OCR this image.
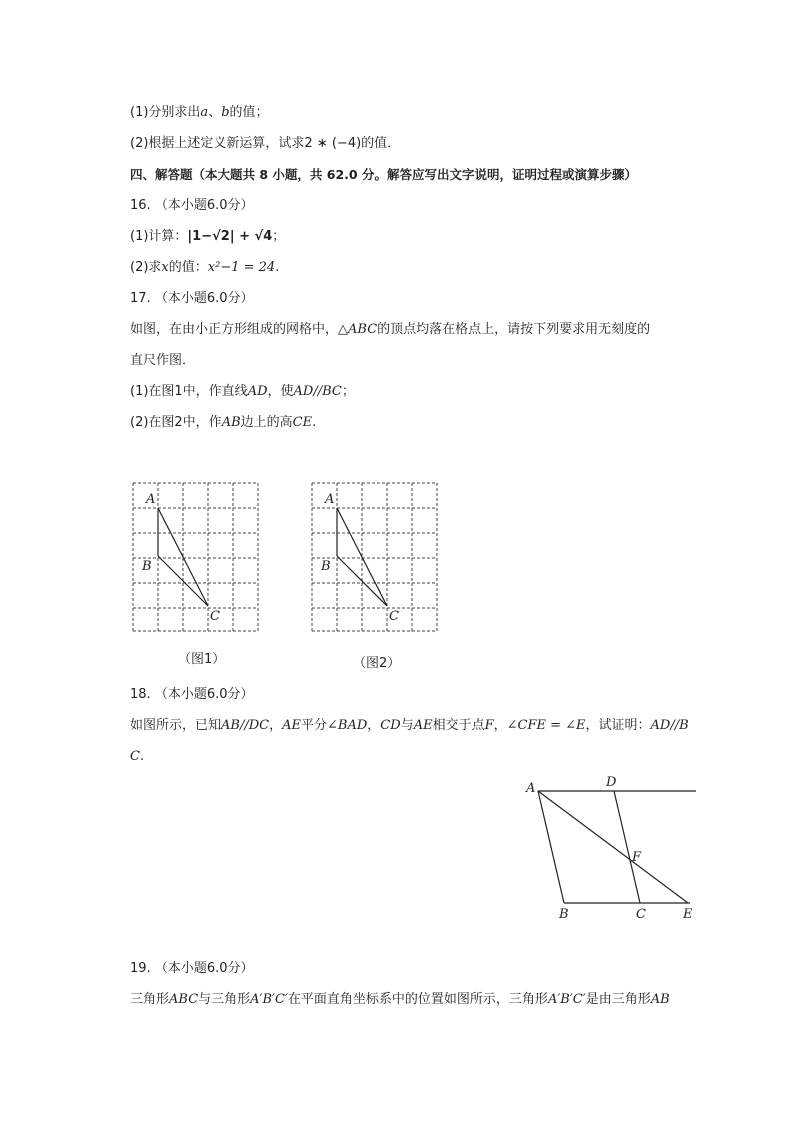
(1)分别求出a、b的值；
(2)根据上述定义新运算，试求2 ∗ (−4)的值．
四、解答题（本大题共 8 小题，共 62.0 分。解答应写出文字说明，证明过程或演算步骤）
16. （本小题6.0分）
(1)计算：|1−√2| + √4；
(2)求x的值：x²−1 = 24.
17. （本小题6.0分）
如图，在由小正方形组成的网格中，△ABC的顶点均落在格点上，请按下列要求用无刻度的
直尺作图．
(1)在图1中，作直线AD，使AD//BC；
(2)在图2中，作AB边上的高CE.
A
B
C
（图1）
A
B
C
（图2）
18. （本小题6.0分）
如图所示，已知AB//DC，AE平分∠BAD，CD与AE相交于点F，∠CFE = ∠E，试证明：AD//B
C.
A	D
F
B	C	E
19. （本小题6.0分）
三角形ABC与三角形A′B′C′在平面直角坐标系中的位置如图所示，三角形A′B′C′是由三角形AB
